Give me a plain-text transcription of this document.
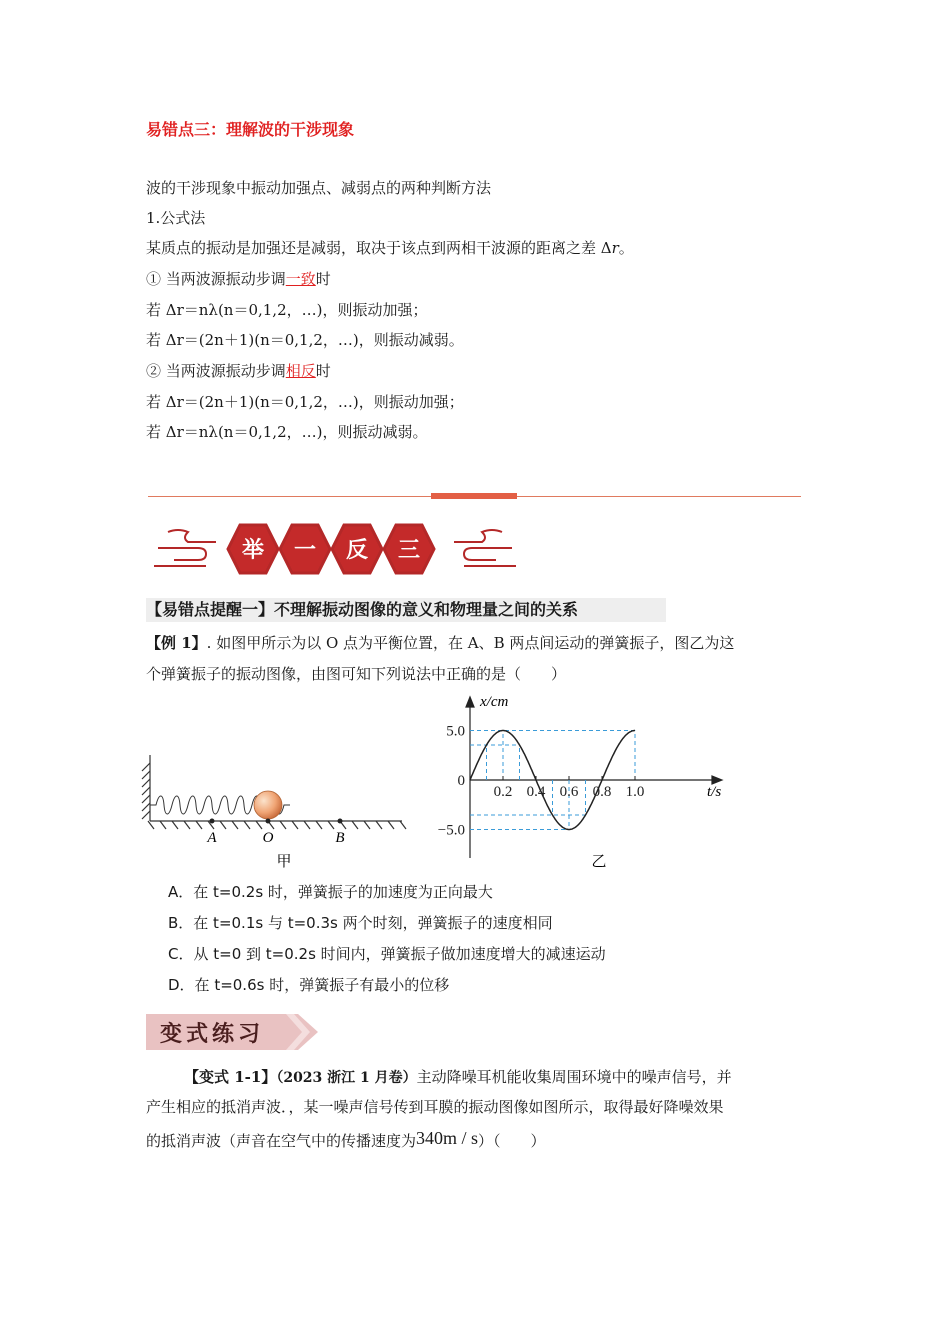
易错点三：理解波的干涉现象
波的干涉现象中振动加强点、减弱点的两种判断方法
1.公式法
某质点的振动是加强还是减弱，取决于该点到两相干波源的距离之差 Δr。
① 当两波源振动步调一致时
若 Δr＝nλ(n＝0,1,2，…)，则振动加强；
若 Δr＝(2n＋1)(n＝0,1,2，…)，则振动减弱。
② 当两波源振动步调相反时
若 Δr＝(2n＋1)(n＝0,1,2，…)，则振动加强；
若 Δr＝nλ(n＝0,1,2，…)，则振动减弱。
举 一 反 三
【易错点提醒一】不理解振动图像的意义和物理量之间的关系
【例 1】. 如图甲所示为以 O 点为平衡位置，在 A、B 两点间运动的弹簧振子，图乙为这
个弹簧振子的振动图像，由图可知下列说法中正确的是（　　）
A	O	B
甲
0.2 0.4 0.6 0.8 1.0
5.0
0
−5.0
x/cm
t/s
乙
A．在 t=0.2s 时，弹簧振子的加速度为正向最大
B．在 t=0.1s 与 t=0.3s 两个时刻，弹簧振子的速度相同
C．从 t=0 到 t=0.2s 时间内，弹簧振子做加速度增大的减速运动
D．在 t=0.6s 时，弹簧振子有最小的位移
变式练习
【变式 1-1】（2023 浙江 1 月卷）主动降噪耳机能收集周围环境中的噪声信号，并
产生相应的抵消声波．，某一噪声信号传到耳膜的振动图像如图所示，取得最好降噪效果
的抵消声波（声音在空气中的传播速度为340m / s）（　　）
